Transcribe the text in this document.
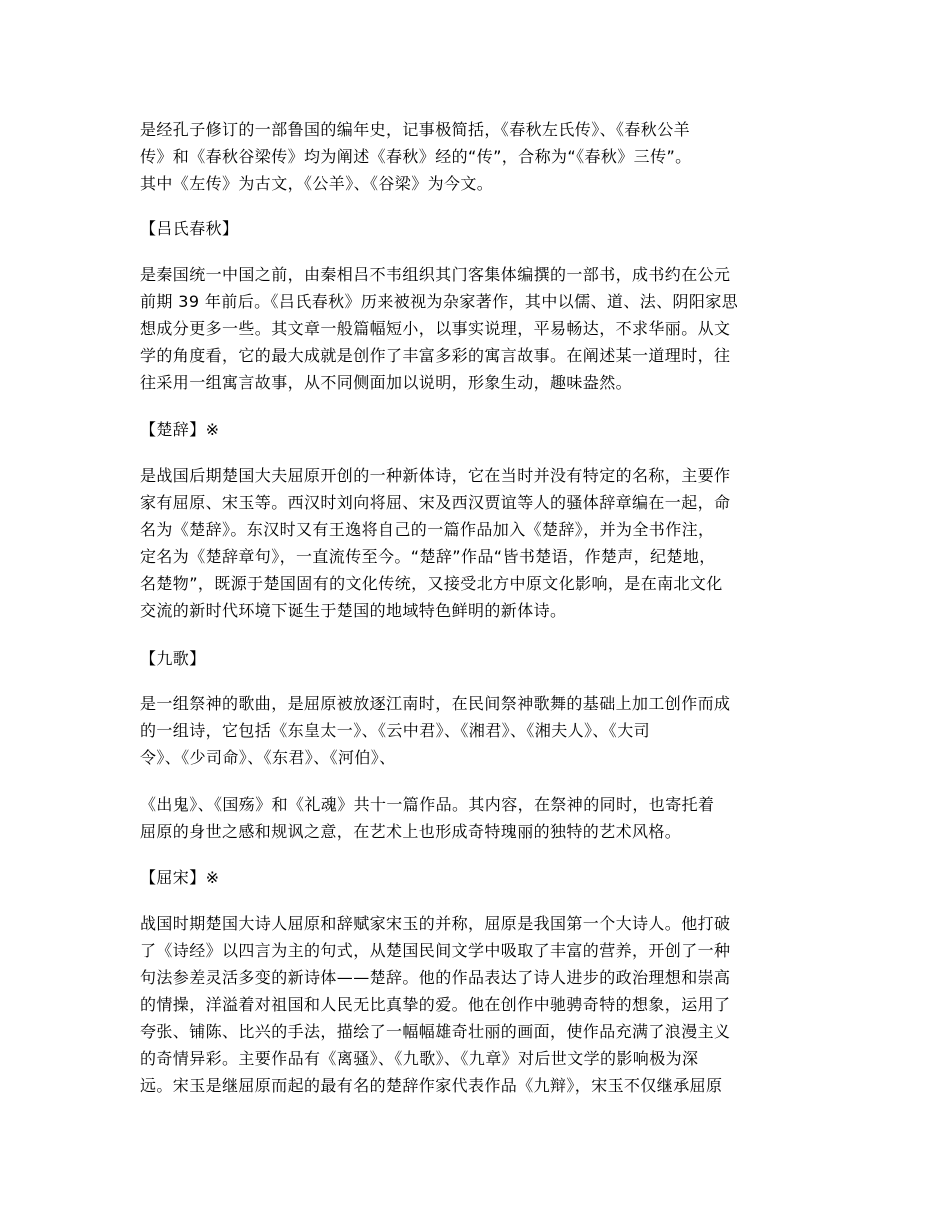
是经孔子修订的一部鲁国的编年史，记事极简括，《春秋左氏传》、《春秋公羊
传》和《春秋谷梁传》均为阐述《春秋》经的“传”，合称为“《春秋》三传”。
其中《左传》为古文，《公羊》、《谷梁》为今文。
【吕氏春秋】
是秦国统一中国之前，由秦相吕不韦组织其门客集体编撰的一部书，成书约在公元
前期 39 年前后。《吕氏春秋》历来被视为杂家著作，其中以儒、道、法、阴阳家思
想成分更多一些。其文章一般篇幅短小，以事实说理，平易畅达，不求华丽。从文
学的角度看，它的最大成就是创作了丰富多彩的寓言故事。在阐述某一道理时，往
往采用一组寓言故事，从不同侧面加以说明，形象生动，趣味盎然。
【楚辞】※
是战国后期楚国大夫屈原开创的一种新体诗，它在当时并没有特定的名称，主要作
家有屈原、宋玉等。西汉时刘向将屈、宋及西汉贾谊等人的骚体辞章编在一起，命
名为《楚辞》。东汉时又有王逸将自己的一篇作品加入《楚辞》，并为全书作注，
定名为《楚辞章句》，一直流传至今。“楚辞”作品“皆书楚语，作楚声，纪楚地，
名楚物”，既源于楚国固有的文化传统，又接受北方中原文化影响，是在南北文化
交流的新时代环境下诞生于楚国的地域特色鲜明的新体诗。
【九歌】
是一组祭神的歌曲，是屈原被放逐江南时，在民间祭神歌舞的基础上加工创作而成
的一组诗，它包括《东皇太一》、《云中君》、《湘君》、《湘夫人》、《大司
令》、《少司命》、《东君》、《河伯》、
《出鬼》、《国殇》和《礼魂》共十一篇作品。其内容，在祭神的同时，也寄托着
屈原的身世之感和规讽之意，在艺术上也形成奇特瑰丽的独特的艺术风格。
【屈宋】※
战国时期楚国大诗人屈原和辞赋家宋玉的并称，屈原是我国第一个大诗人。他打破
了《诗经》以四言为主的句式，从楚国民间文学中吸取了丰富的营养，开创了一种
句法参差灵活多变的新诗体——楚辞。他的作品表达了诗人进步的政治理想和崇高
的情操，洋溢着对祖国和人民无比真挚的爱。他在创作中驰骋奇特的想象，运用了
夸张、铺陈、比兴的手法，描绘了一幅幅雄奇壮丽的画面，使作品充满了浪漫主义
的奇情异彩。主要作品有《离骚》、《九歌》、《九章》对后世文学的影响极为深
远。宋玉是继屈原而起的最有名的楚辞作家代表作品《九辩》，宋玉不仅继承屈原
